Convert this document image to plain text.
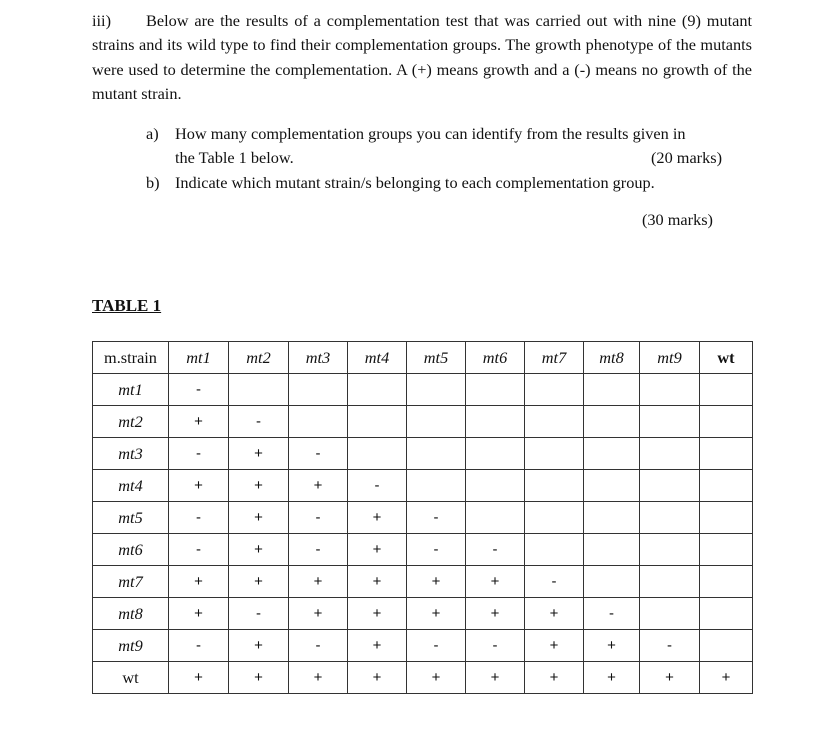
iii) Below are the results of a complementation test that was carried out with nine (9) mutant strains and its wild type to find their complementation groups. The growth phenotype of the mutants were used to determine the complementation. A (+) means growth and a (-) means no growth of the mutant strain.
a) How many complementation groups you can identify from the results given in
the Table 1 below.	(20 marks)
b) Indicate which mutant strain/s belonging to each complementation group.
(30 marks)
TABLE 1
m.strain	mt1	mt2	mt3	mt4	mt5	mt6	mt7	mt8	mt9	wt
mt1	-									
mt2	+	-								
mt3	-	+	-							
mt4	+	+	+	-						
mt5	-	+	-	+	-					
mt6	-	+	-	+	-	-				
mt7	+	+	+	+	+	+	-			
mt8	+	-	+	+	+	+	+	-		
mt9	-	+	-	+	-	-	+	+	-	
wt	+	+	+	+	+	+	+	+	+	+
